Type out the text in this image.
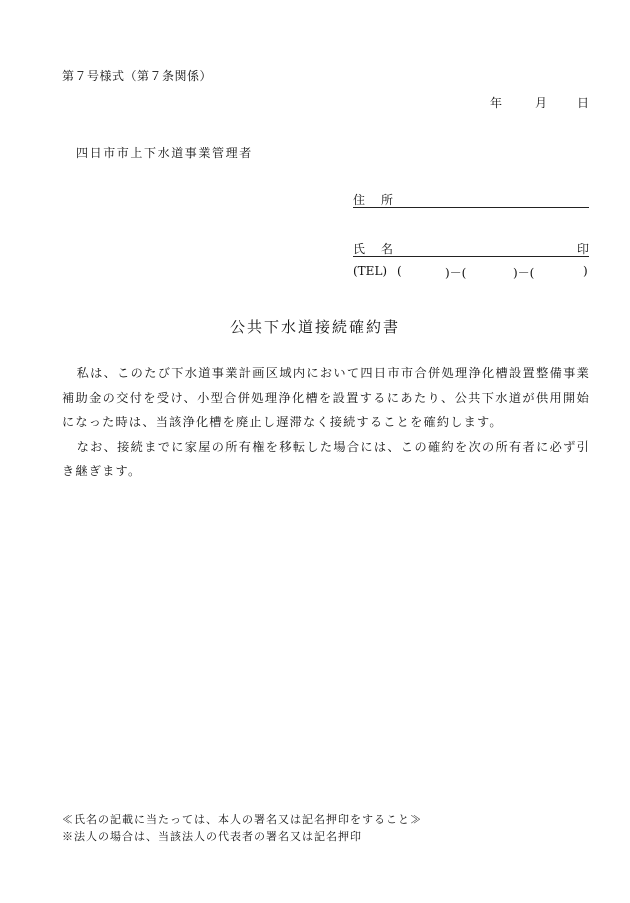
第７号様式（第７条関係）
年	月 日
四日市市上下水道事業管理者
住 所
氏 名	印
(TEL) (	)－(	)－(	)
公共下水道接続確約書

私は、このたび下水道事業計画区域内において四日市市合併処理浄化槽設置整備事業補助金の交付を受け、小型合併処理浄化槽を設置するにあたり、公共下水道が供用開始になった時は、当該浄化槽を廃止し遅滞なく接続することを確約します。

なお、接続までに家屋の所有権を移転した場合には、この確約を次の所有者に必ず引き継ぎます。

≪氏名の記載に当たっては、本人の署名又は記名押印をすること≫
※法人の場合は、当該法人の代表者の署名又は記名押印
